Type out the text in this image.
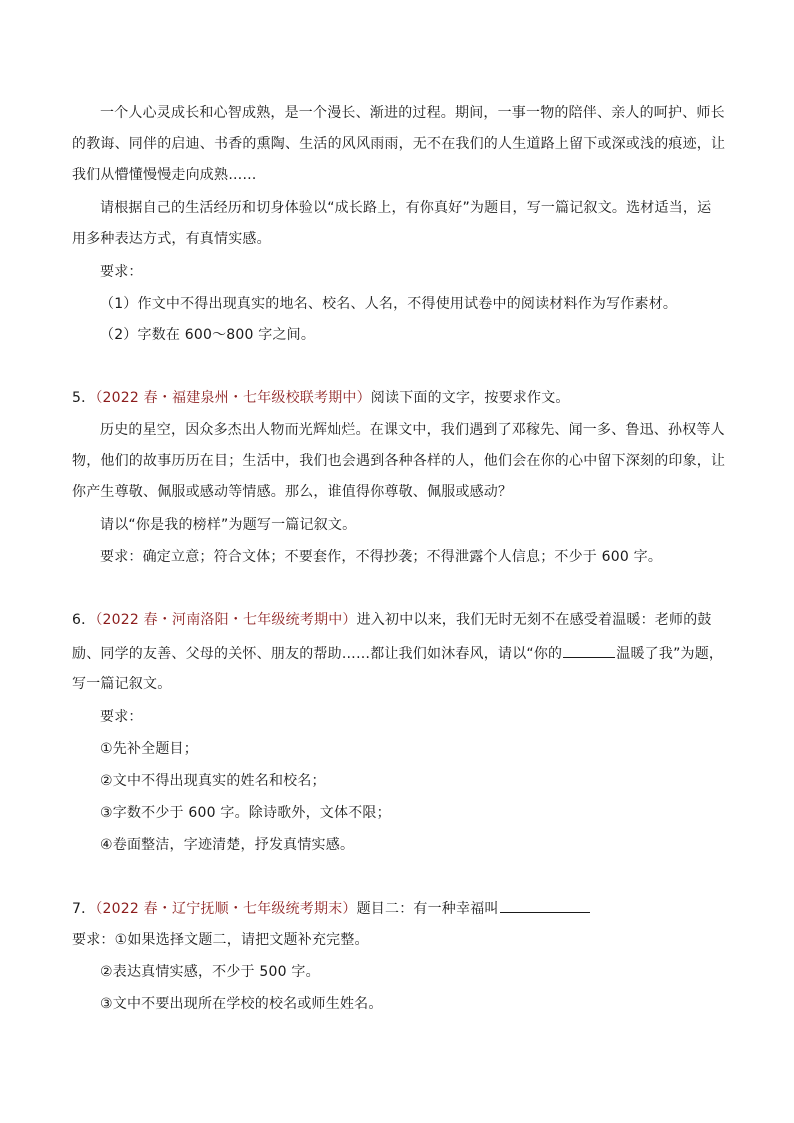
一个人心灵成长和心智成熟，是一个漫长、渐进的过程。期间，一事一物的陪伴、亲人的呵护、师长
的教诲、同伴的启迪、书香的熏陶、生活的风风雨雨，无不在我们的人生道路上留下或深或浅的痕迹，让
我们从懵懂慢慢走向成熟……
请根据自己的生活经历和切身体验以“成长路上，有你真好”为题目，写一篇记叙文。选材适当，运
用多种表达方式，有真情实感。
要求：
（1）作文中不得出现真实的地名、校名、人名，不得使用试卷中的阅读材料作为写作素材。
（2）字数在 600～800 字之间。
5．（2022 春・福建泉州・七年级校联考期中）阅读下面的文字，按要求作文。
历史的星空，因众多杰出人物而光辉灿烂。在课文中，我们遇到了邓稼先、闻一多、鲁迅、孙权等人
物，他们的故事历历在目；生活中，我们也会遇到各种各样的人，他们会在你的心中留下深刻的印象，让
你产生尊敬、佩服或感动等情感。那么，谁值得你尊敬、佩服或感动？
请以“你是我的榜样”为题写一篇记叙文。
要求：确定立意；符合文体；不要套作，不得抄袭；不得泄露个人信息；不少于 600 字。
6．（2022 春・河南洛阳・七年级统考期中）进入初中以来，我们无时无刻不在感受着温暖：老师的鼓
励、同学的友善、父母的关怀、朋友的帮助……都让我们如沐春风，请以“你的	温暖了我”为题，
写一篇记叙文。
要求：
①先补全题目；
②文中不得出现真实的姓名和校名；
③字数不少于 600 字。除诗歌外，文体不限；
④卷面整洁，字迹清楚，抒发真情实感。
7．（2022 春・辽宁抚顺・七年级统考期末）题目二：有一种幸福叫
要求：①如果选择文题二，请把文题补充完整。
②表达真情实感，不少于 500 字。
③文中不要出现所在学校的校名或师生姓名。
